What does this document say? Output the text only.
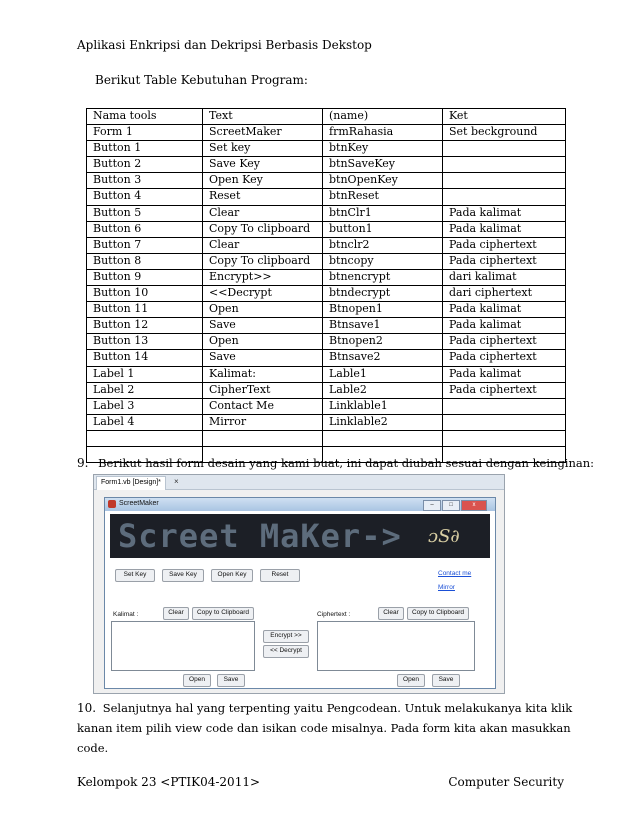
Aplikasi Enkripsi dan Dekripsi Berbasis Dekstop
Berikut Table Kebutuhan Program:
Nama tools	Text	(name)	Ket
Form 1	ScreetMaker	frmRahasia	Set beckground
Button 1	Set key	btnKey	
Button 2	Save Key	btnSaveKey	
Button 3	Open Key	btnOpenKey	
Button 4	Reset	btnReset	
Button 5	Clear	btnClr1	Pada kalimat
Button 6	Copy To clipboard	button1	Pada kalimat
Button 7	Clear	btnclr2	Pada ciphertext
Button 8	Copy To clipboard	btncopy	Pada ciphertext
Button 9	Encrypt>>	btnencrypt	dari kalimat
Button 10	<<Decrypt	btndecrypt	dari ciphertext
Button 11	Open	Btnopen1	Pada kalimat
Button 12	Save	Btnsave1	Pada kalimat
Button 13	Open	Btnopen2	Pada ciphertext
Button 14	Save	Btnsave2	Pada ciphertext
Label 1	Kalimat:	Lable1	Pada kalimat
Label 2	CipherText	Lable2	Pada ciphertext
Label 3	Contact Me	Linklable1	
Label 4	Mirror	Linklable2	

9. Berikut hasil form desain yang kami buat, ini dapat diubah sesuai dengan keinginan:
Form1.vb [Design]*	×
ScreetMaker	–	□	x
Screet MaKer-> ɔS∂
Set Key	Save Key	Open Key	Reset	Contact me
Mirror
Kalimat :	Clear	Copy to Clipboard	Ciphertext :	Clear	Copy to Clipboard
Encrypt >>
<< Decrypt
Open	Save	Open	Save
10. Selanjutnya hal yang terpenting yaitu Pengcodean. Untuk melakukanya kita klik kanan item pilih view code dan isikan code misalnya. Pada form kita akan masukkan code.
Kelompok 23 <PTIK04-2011>	Computer Security
